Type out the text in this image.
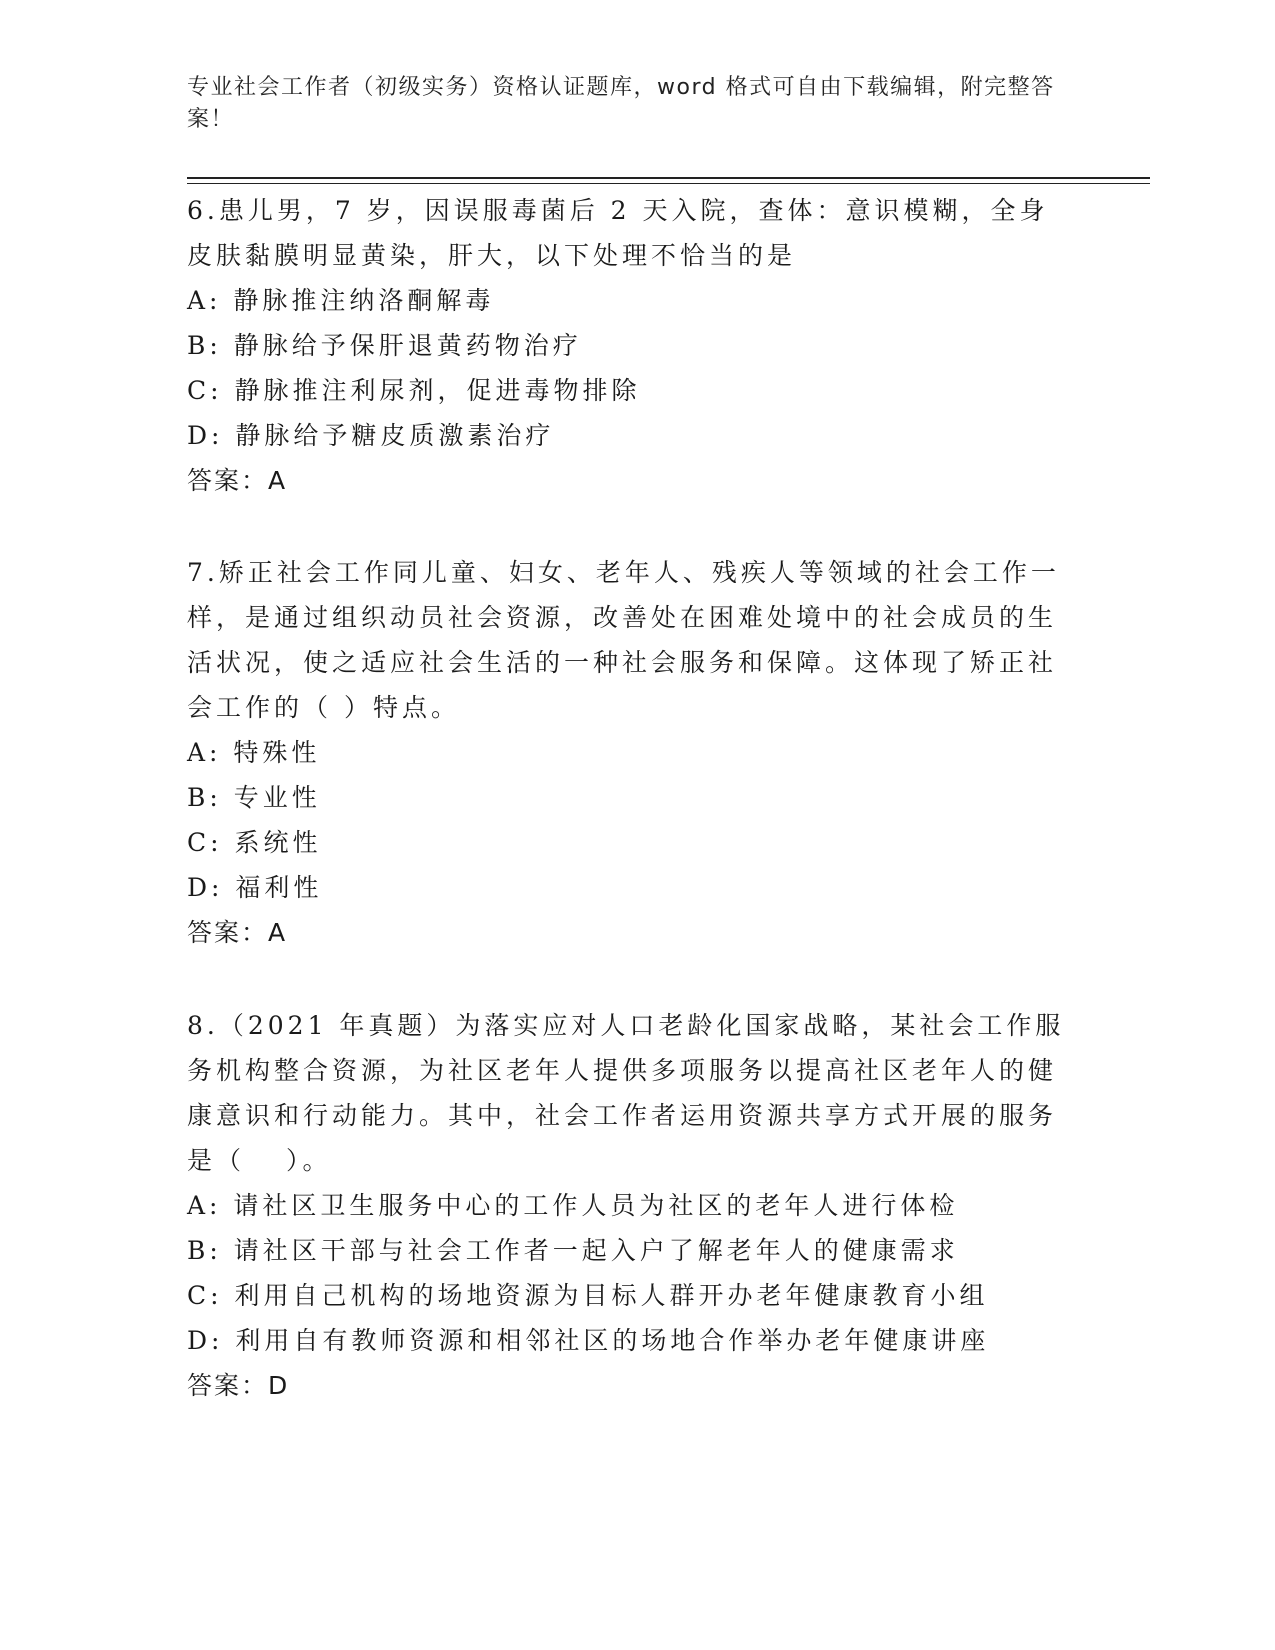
专业社会工作者（初级实务）资格认证题库，word 格式可自由下载编辑，附完整答案！

6.患儿男，7 岁，因误服毒菌后 2 天入院，查体：意识模糊，全身皮肤黏膜明显黄染，肝大，以下处理不恰当的是

A: 静脉推注纳洛酮解毒

B: 静脉给予保肝退黄药物治疗

C: 静脉推注利尿剂，促进毒物排除

D: 静脉给予糖皮质激素治疗

答案：A

7.矫正社会工作同儿童、妇女、老年人、残疾人等领域的社会工作一样，是通过组织动员社会资源，改善处在困难处境中的社会成员的生活状况，使之适应社会生活的一种社会服务和保障。这体现了矫正社会工作的（ ）特点。

A: 特殊性

B: 专业性

C: 系统性

D: 福利性

答案：A

8.（2021 年真题）为落实应对人口老龄化国家战略，某社会工作服务机构整合资源，为社区老年人提供多项服务以提高社区老年人的健康意识和行动能力。其中，社会工作者运用资源共享方式开展的服务是（　 ）。

A: 请社区卫生服务中心的工作人员为社区的老年人进行体检

B: 请社区干部与社会工作者一起入户了解老年人的健康需求

C: 利用自己机构的场地资源为目标人群开办老年健康教育小组

D: 利用自有教师资源和相邻社区的场地合作举办老年健康讲座

答案：D
